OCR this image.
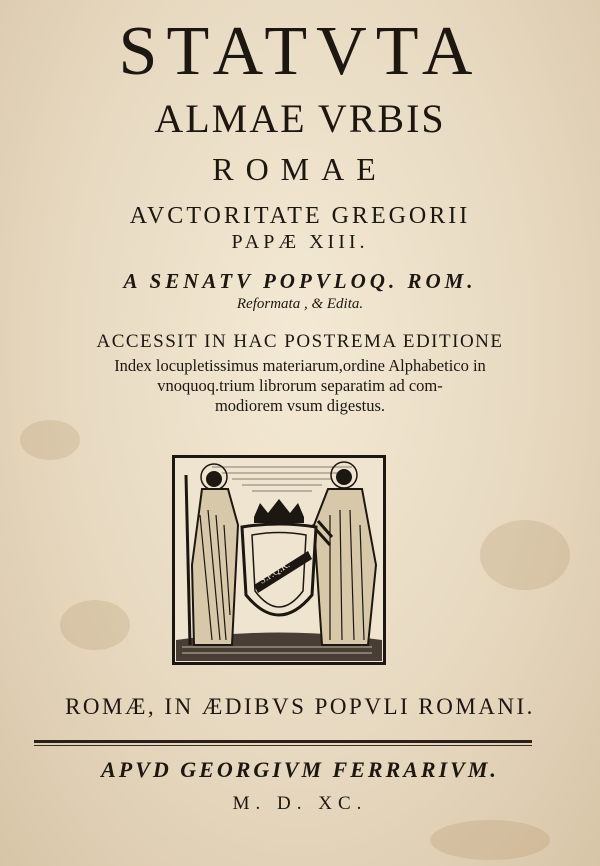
STATVTA
ALMAE VRBIS
ROMAE
AVCTORITATE GREGORII
PAPÆ XIII.
A SENATV POPVLOQ. ROM.
Reformata , & Edita.
ACCESSIT IN HAC POSTREMA EDITIONE
Index locupletissimus materiarum,ordine Alphabetico in
vnoquoq.trium librorum separatim ad com-
modiorem vsum digestus.
S.P.Q.R.
ROMÆ, IN ÆDIBVS POPVLI ROMANI.
APVD GEORGIVM FERRARIVM.
M. D. XC.
